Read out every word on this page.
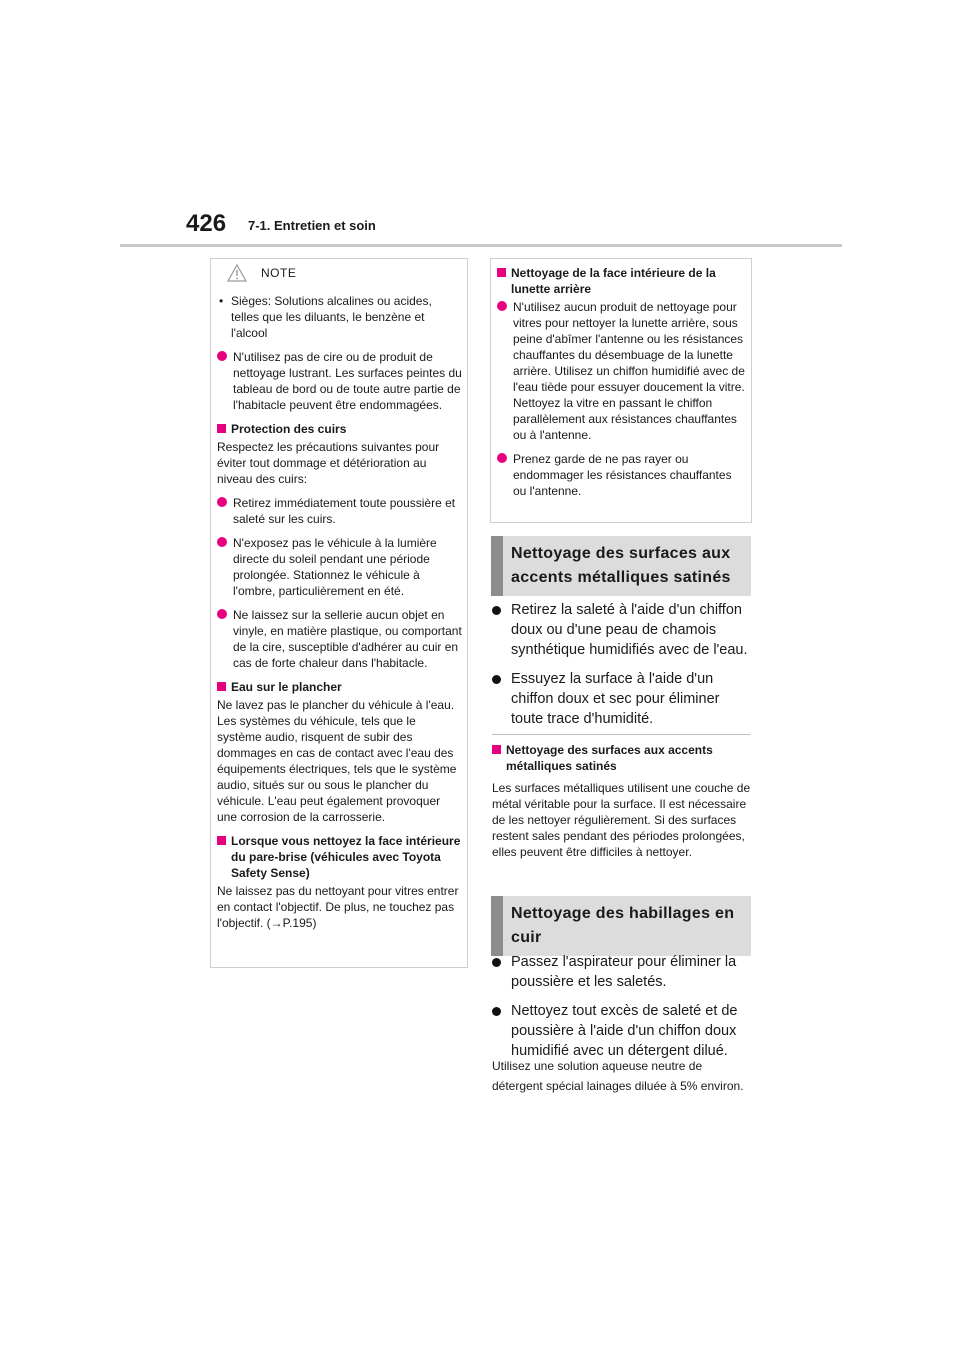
426 7-1. Entretien et soin
NOTE
• Sièges: Solutions alcalines ou acides, telles que les diluants, le benzène et l'alcool
N'utilisez pas de cire ou de produit de nettoyage lustrant. Les surfaces peintes du tableau de bord ou de toute autre partie de l'habitacle peuvent être endommagées.
Protection des cuirs
Respectez les précautions suivantes pour éviter tout dommage et détérioration au niveau des cuirs:
Retirez immédiatement toute poussière et saleté sur les cuirs.
N'exposez pas le véhicule à la lumière directe du soleil pendant une période prolongée. Stationnez le véhicule à l'ombre, particulièrement en été.
Ne laissez sur la sellerie aucun objet en vinyle, en matière plastique, ou comportant de la cire, susceptible d'adhérer au cuir en cas de forte chaleur dans l'habitacle.
Eau sur le plancher
Ne lavez pas le plancher du véhicule à l'eau. Les systèmes du véhicule, tels que le système audio, risquent de subir des dommages en cas de contact avec l'eau des équipements électriques, tels que le système audio, situés sur ou sous le plancher du véhicule. L'eau peut également provoquer une corrosion de la carrosserie.
Lorsque vous nettoyez la face intérieure du pare-brise (véhicules avec Toyota Safety Sense)
Ne laissez pas du nettoyant pour vitres entrer en contact l'objectif. De plus, ne touchez pas l'objectif. (→P.195)
Nettoyage de la face intérieure de la lunette arrière
N'utilisez aucun produit de nettoyage pour vitres pour nettoyer la lunette arrière, sous peine d'abîmer l'antenne ou les résistances chauffantes du désembuage de la lunette arrière. Utilisez un chiffon humidifié avec de l'eau tiède pour essuyer doucement la vitre. Nettoyez la vitre en passant le chiffon parallèlement aux résistances chauffantes ou à l'antenne.
Prenez garde de ne pas rayer ou endommager les résistances chauffantes ou l'antenne.
Nettoyage des surfaces aux accents métalliques satinés
Retirez la saleté à l'aide d'un chiffon doux ou d'une peau de chamois synthétique humidifiés avec de l'eau.
Essuyez la surface à l'aide d'un chiffon doux et sec pour éliminer toute trace d'humidité.
Nettoyage des surfaces aux accents métalliques satinés
Les surfaces métalliques utilisent une couche de métal véritable pour la surface. Il est nécessaire de les nettoyer régulièrement. Si des surfaces restent sales pendant des périodes prolongées, elles peuvent être difficiles à nettoyer.
Nettoyage des habillages en cuir
Passez l'aspirateur pour éliminer la poussière et les saletés.
Nettoyez tout excès de saleté et de poussière à l'aide d'un chiffon doux humidifié avec un détergent dilué.
Utilisez une solution aqueuse neutre de détergent spécial lainages diluée à 5% environ.
